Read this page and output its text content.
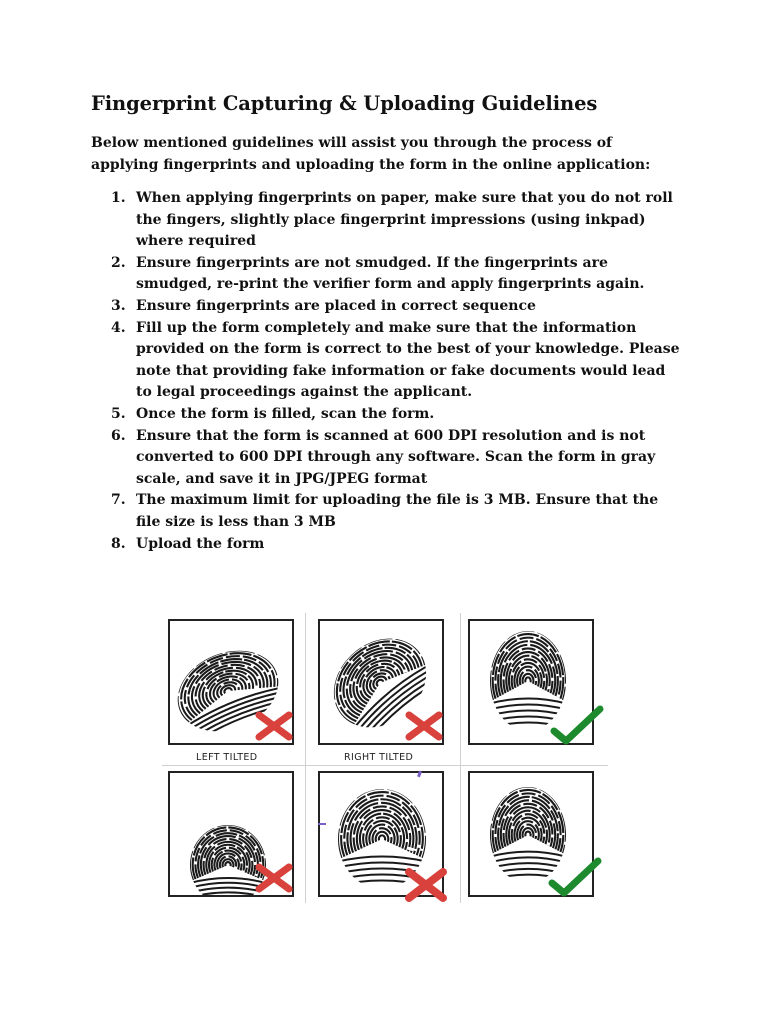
Fingerprint Capturing & Uploading Guidelines
Below mentioned guidelines will assist you through the process of applying fingerprints and uploading the form in the online application:
1. When applying fingerprints on paper, make sure that you do not roll the fingers, slightly place fingerprint impressions (using inkpad) where required
2. Ensure fingerprints are not smudged. If the fingerprints are smudged, re-print the verifier form and apply fingerprints again.
3. Ensure fingerprints are placed in correct sequence
4. Fill up the form completely and make sure that the information provided on the form is correct to the best of your knowledge. Please note that providing fake information or fake documents would lead to legal proceedings against the applicant.
5. Once the form is filled, scan the form.
6. Ensure that the form is scanned at 600 DPI resolution and is not converted to 600 DPI through any software. Scan the form in gray scale, and save it in JPG/JPEG format
7. The maximum limit for uploading the file is 3 MB. Ensure that the file size is less than 3 MB
8. Upload the form
LEFT TILTED	RIGHT TILTED
